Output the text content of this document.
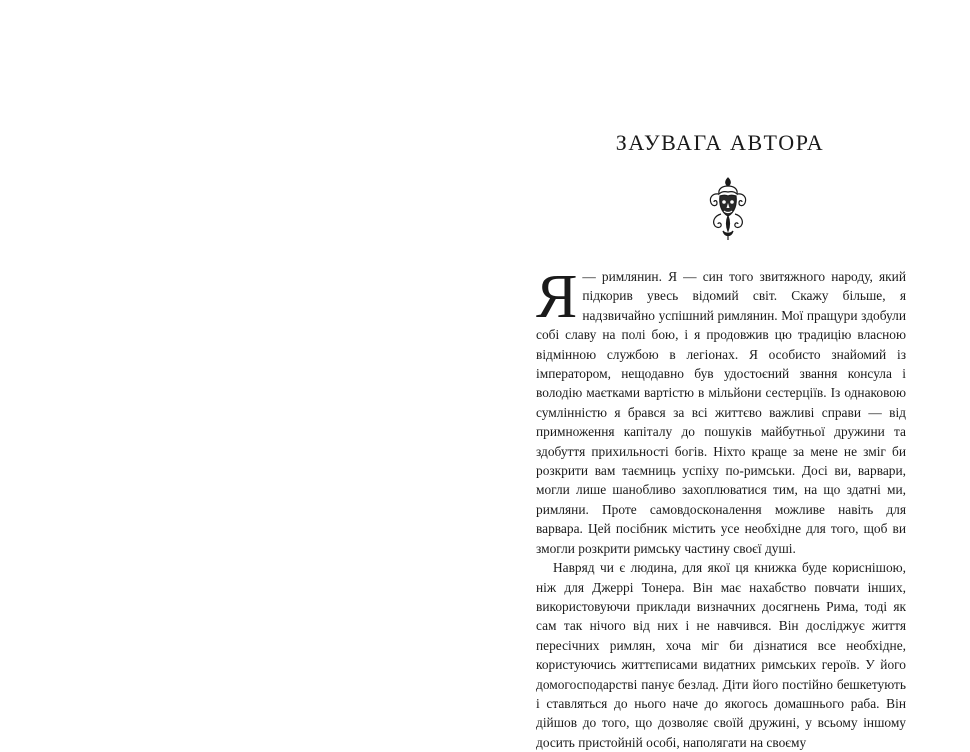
ЗАУВАГА АВТОРА

Я — римлянин. Я — син того звитяжного народу, який підкорив увесь відомий світ. Скажу більше, я надзвичайно успішний римлянин. Мої пращури здобули собі славу на полі бою, і я продовжив цю традицію власною відмінною службою в легіонах. Я особисто знайомий із імператором, нещодавно був удостоєний звання консула і володію маєтками вартістю в мільйони сестерціїв. Із однаковою сумлінністю я брався за всі життєво важливі справи — від примноження капіталу до пошуків майбутньої дружини та здобуття прихильності богів. Ніхто краще за мене не зміг би розкрити вам таємниць успіху по-римськи. Досі ви, варвари, могли лише шанобливо захоплюватися тим, на що здатні ми, римляни. Проте самовдосконалення можливе навіть для варвара. Цей посібник містить усе необхідне для того, щоб ви змогли розкрити римську частину своєї душі.

Навряд чи є людина, для якої ця книжка буде кориснішою, ніж для Джеррі Тонера. Він має нахабство повчати інших, використовуючи приклади визначних досягнень Рима, тоді як сам так нічого від них і не навчився. Він досліджує життя пересічних римлян, хоча міг би дізнатися все необхідне, користуючись життєписами видатних римських героїв. У його домогосподарстві панує безлад. Діти його постійно бешкетують і ставляться до нього наче до якогось домашнього раба. Він дійшов до того, що дозволяє своїй дружині, у всьому іншому досить пристойній особі, наполягати на своєму
